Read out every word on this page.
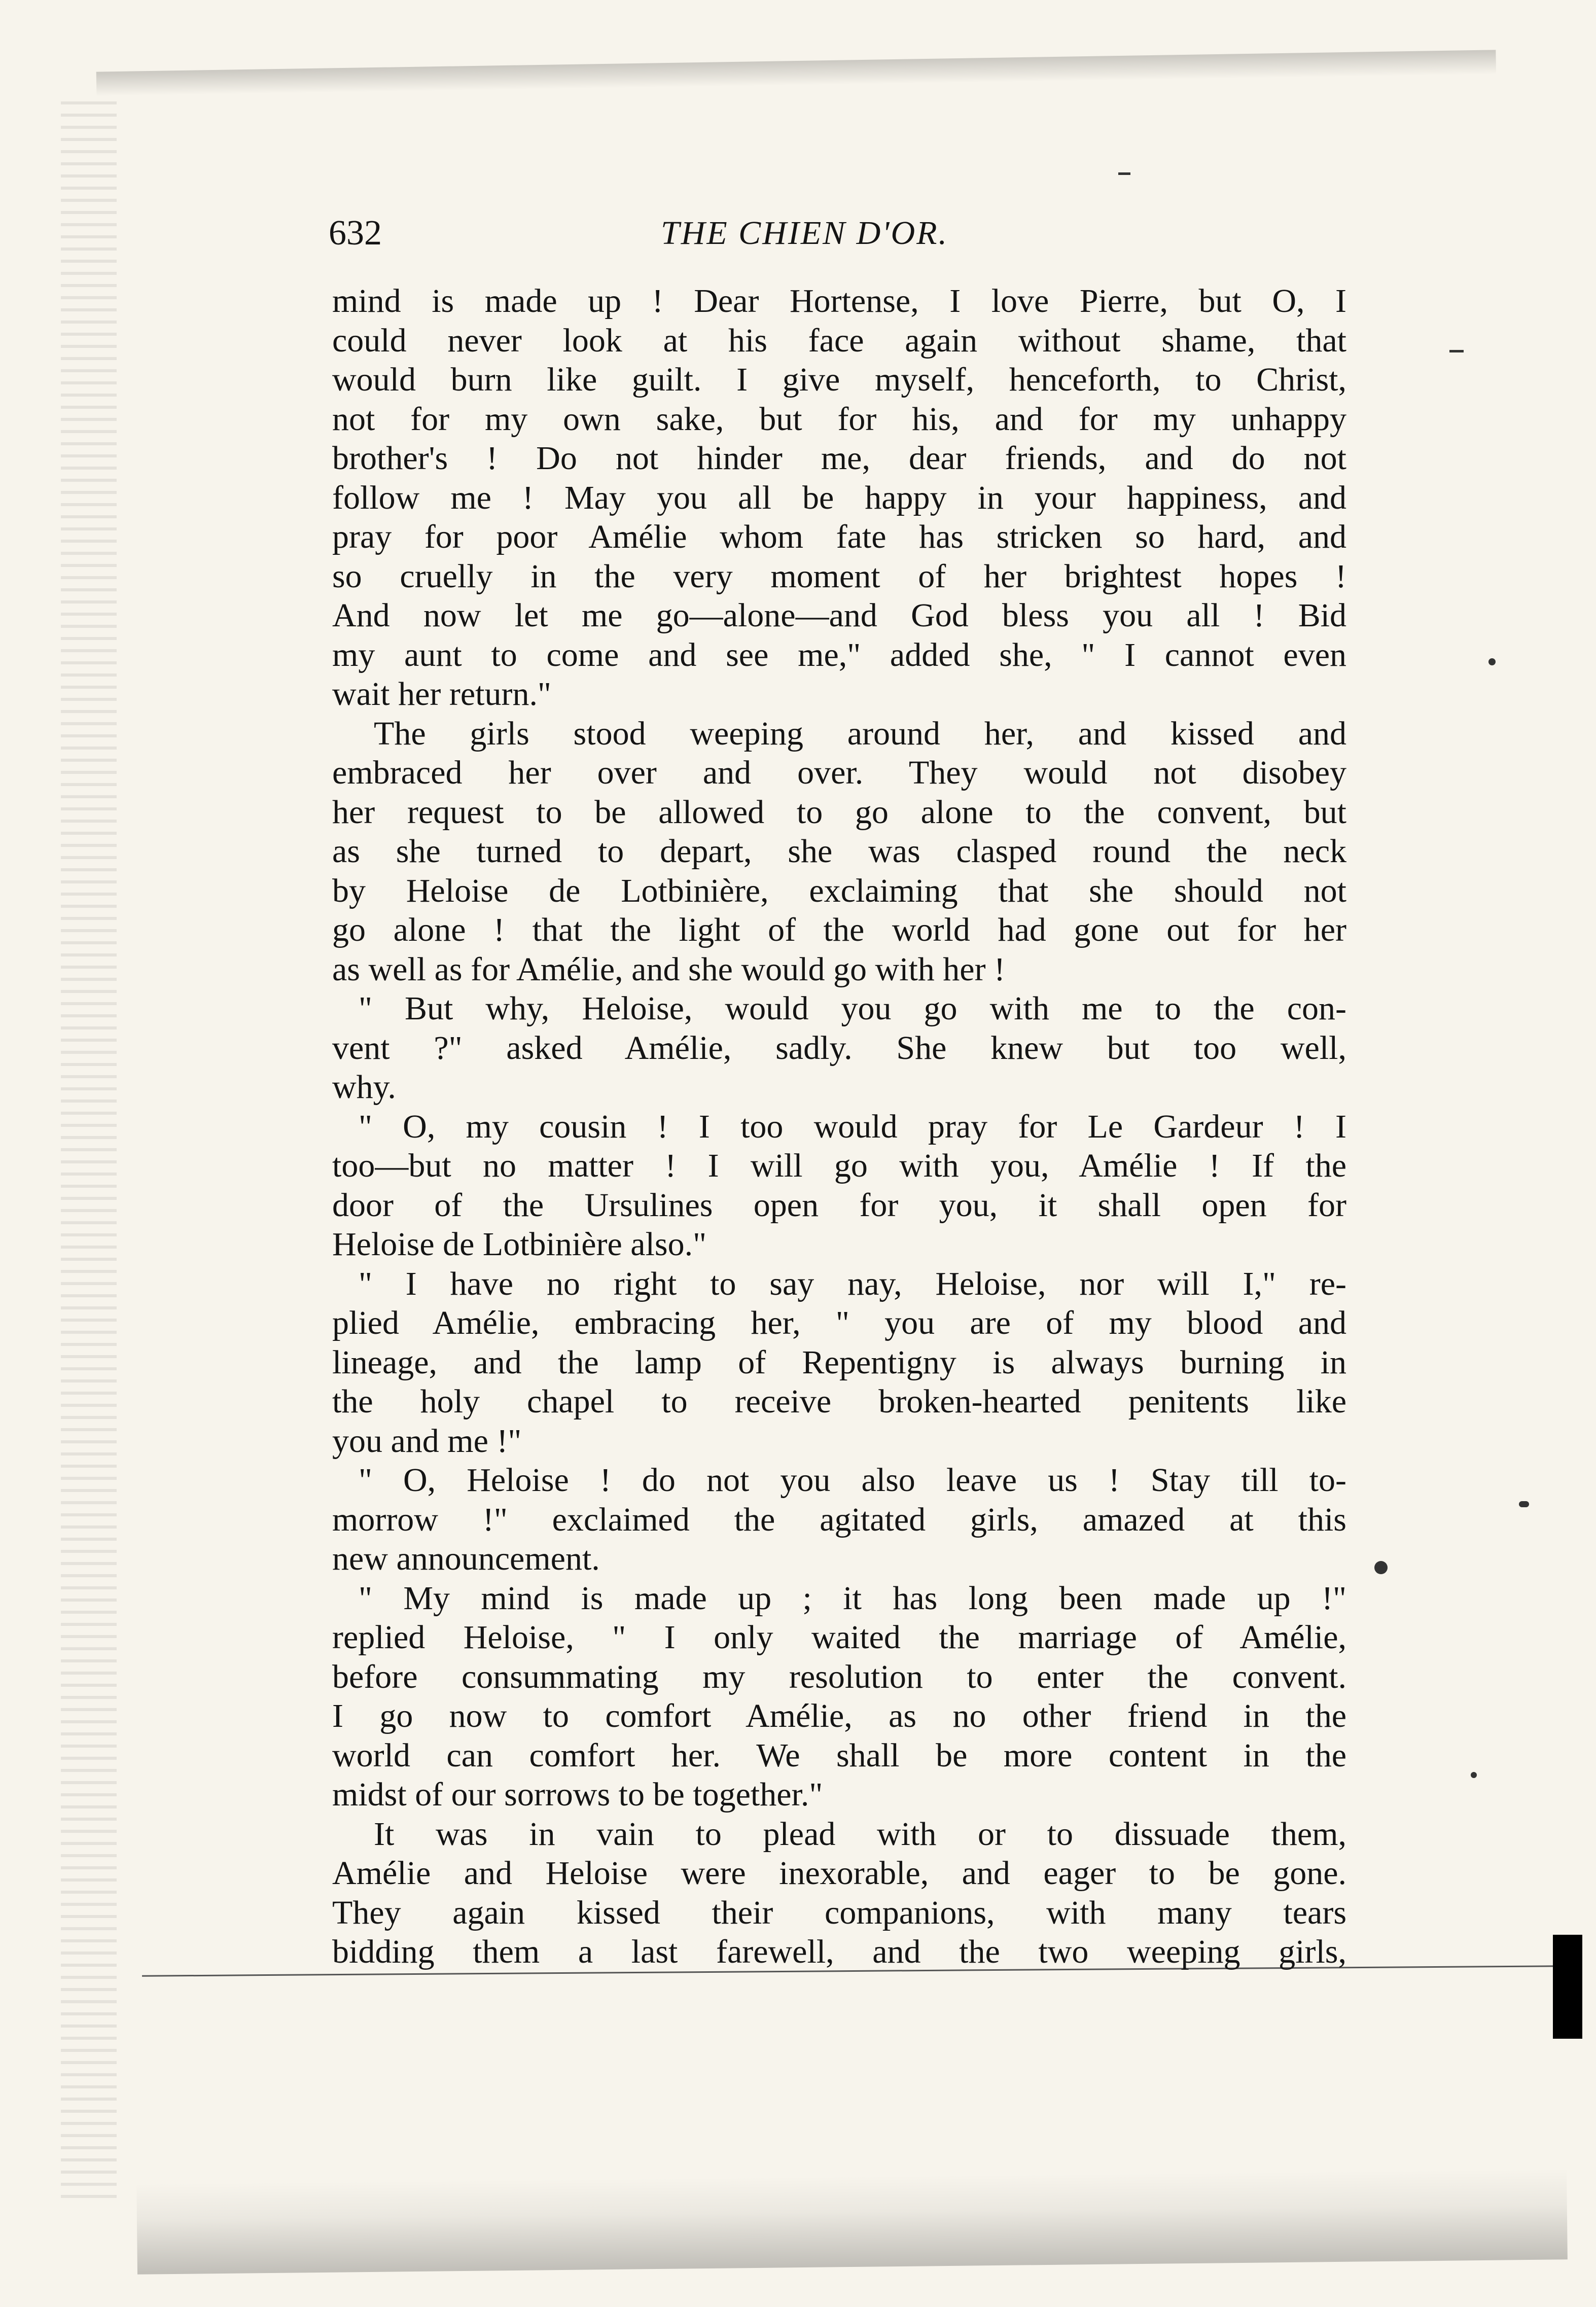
632	THE CHIEN D'OR.
mind is made up ! Dear Hortense, I love Pierre, but O, I
could never look at his face again without shame, that
would burn like guilt. I give myself, henceforth, to Christ,
not for my own sake, but for his, and for my unhappy
brother's ! Do not hinder me, dear friends, and do not
follow me ! May you all be happy in your happiness, and
pray for poor Amélie whom fate has stricken so hard, and
so cruelly in the very moment of her brightest hopes !
And now let me go—alone—and God bless you all ! Bid
my aunt to come and see me," added she, " I cannot even
wait her return."
The girls stood weeping around her, and kissed and
embraced her over and over. They would not disobey
her request to be allowed to go alone to the convent, but
as she turned to depart, she was clasped round the neck
by Heloise de Lotbinière, exclaiming that she should not
go alone ! that the light of the world had gone out for her
as well as for Amélie, and she would go with her !
" But why, Heloise, would you go with me to the con-
vent ?" asked Amélie, sadly. She knew but too well,
why.
" O, my cousin ! I too would pray for Le Gardeur ! I
too—but no matter ! I will go with you, Amélie ! If the
door of the Ursulines open for you, it shall open for
Heloise de Lotbinière also."
" I have no right to say nay, Heloise, nor will I," re-
plied Amélie, embracing her, " you are of my blood and
lineage, and the lamp of Repentigny is always burning in
the holy chapel to receive broken-hearted penitents like
you and me !"
" O, Heloise ! do not you also leave us ! Stay till to-
morrow !" exclaimed the agitated girls, amazed at this
new announcement.
" My mind is made up ; it has long been made up !"
replied Heloise, " I only waited the marriage of Amélie,
before consummating my resolution to enter the convent.
I go now to comfort Amélie, as no other friend in the
world can comfort her. We shall be more content in the
midst of our sorrows to be together."
It was in vain to plead with or to dissuade them,
Amélie and Heloise were inexorable, and eager to be gone.
They again kissed their companions, with many tears
bidding them a last farewell, and the two weeping girls,
